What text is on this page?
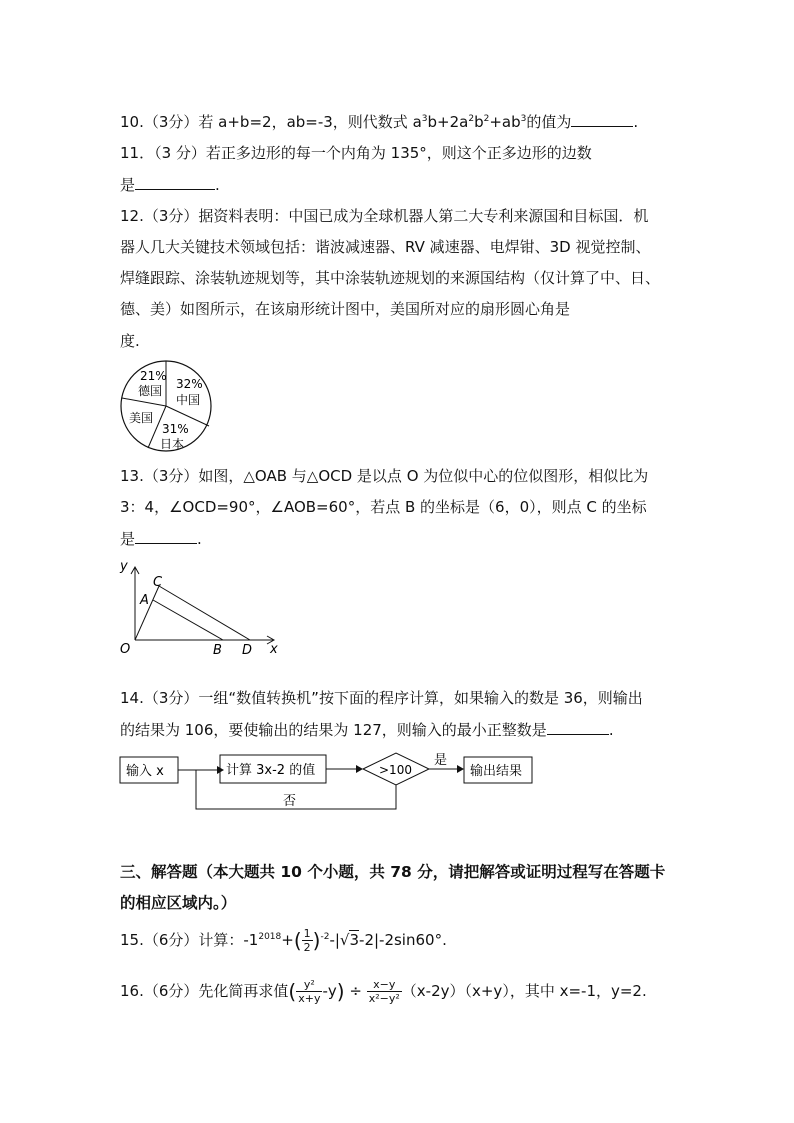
10.（3分）若 a+b=2，ab=-3，则代数式 $a^3b+2a^2b^2+ab^3$的值为	.
11．（3 分）若正多边形的每一个内角为 135°，则这个正多边形的边数
是	.
12.（3分）据资料表明：中国已成为全球机器人第二大专利来源国和目标国．机
器人几大关键技术领域包括：谐波减速器、RV 减速器、电焊钳、3D 视觉控制、
焊缝跟踪、涂装轨迹规划等，其中涂装轨迹规划的来源国结构（仅计算了中、日、
德、美）如图所示，在该扇形统计图中，美国所对应的扇形圆心角是
度.
21%
德国 32%
中国
美国
31%
日本
13.（3分）如图，△OAB 与△OCD 是以点 O 为位似中心的位似图形，相似比为
3：4，∠OCD=90°，∠AOB=60°，若点 B 的坐标是（6，0），则点 C 的坐标
是	.
y
x
O
A
C
B D
14.（3分）一组“数值转换机”按下面的程序计算，如果输入的数是 36，则输出
的结果为 106，要使输出的结果为 127，则输入的最小正整数是	.
输入 x	计算 3x-2 的值	>100
是
输出结果
否
三、解答题（本大题共 10 个小题，共 78 分，请把解答或证明过程写在答题卡
的相应区域内。）
15.（6分）计算：$-1^{2018}+( \frac{1}{2} )^{-2}-|√3-2|-2\sin 60^\circ$.
16.（6分）先化简再求值( $\frac{\text{y²}}{x+y} -y) \div \frac{x-y}{\text{x²−y²}} (x-2y)(x+y)$，其中 x=-1，y=2.
